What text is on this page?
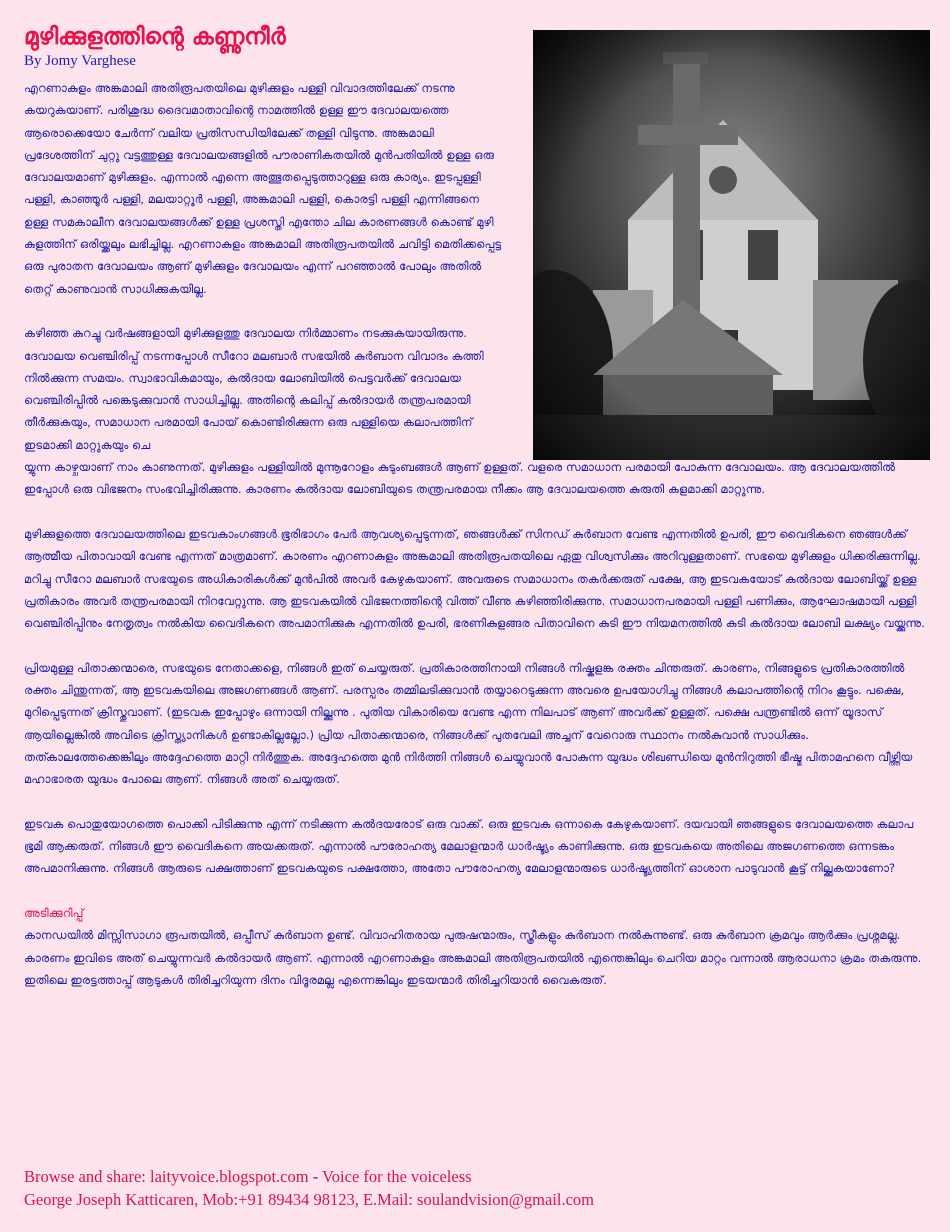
മുഴിക്കുളത്തിന്റെ കണ്ണുനീർ
By Jomy Varghese

എറണാകുളം അങ്കമാലി അതിരൂപതയിലെ മുഴിക്കുളം പള്ളി വിവാദത്തിലേക്ക് നടന്നു കയറുകയാണ്. പരിശുദ്ധ ദൈവമാതാവിന്റെ നാമത്തിൽ ഉള്ള ഈ ദേവാലയത്തെ ആരൊക്കെയോ ചേർന്ന് വലിയ പ്രതിസന്ധിയിലേക്ക് തള്ളി വിടുന്നു. അങ്കമാലി പ്രദേശത്തിന് ചുറ്റു വട്ടത്തുള്ള ദേവാലയങ്ങളിൽ പൗരാണികതയിൽ മുൻപതിയിൽ ഉള്ള ഒരു ദേവാലയമാണ് മുഴിക്കുളം. എന്നാൽ എന്നെ അത്ഭുതപ്പെടുത്താറുള്ള ഒരു കാര്യം. ഇടപ്പള്ളി പള്ളി, കാഞ്ഞൂർ പള്ളി, മലയാറ്റൂർ പള്ളി, അങ്കമാലി പള്ളി, കൊരട്ടി പള്ളി എന്നിങ്ങനെ ഉള്ള സമകാലീന ദേവാലയങ്ങൾക്ക് ഉള്ള പ്രശസ്തി എന്തോ ചില കാരണങ്ങൾ കൊണ്ട് മുഴി കുളത്തിന് ഒരിയ്ക്കലും ലഭിച്ചില്ല. എറണാകുളം അങ്കമാലി അതിരൂപതയിൽ ചവിട്ടി മെതിക്കപ്പെട്ട ഒരു പുരാതന ദേവാലയം ആണ് മുഴിക്കുളം ദേവാലയം എന്ന് പറഞ്ഞാൽ പോലും അതിൽ തെറ്റ് കാണുവാൻ സാധിക്കുകയില്ല.

കഴിഞ്ഞ കുറച്ചു വർഷങ്ങളായി മുഴിക്കുളത്തു ദേവാലയ നിർമ്മാണം നടക്കുകയായിരുന്നു. ദേവാലയ വെഞ്ചിരിപ്പ് നടന്നപ്പോൾ സീറോ മലബാർ സഭയിൽ കുർബാന വിവാദം കത്തി നിൽക്കുന്ന സമയം. സ്വാഭാവികമായും, കൽദായ ലോബിയിൽ പെട്ടവർക്ക് ദേവാലയ വെഞ്ചിരിപ്പിൽ പങ്കെടുക്കുവാൻ സാധിച്ചില്ല. അതിന്റെ കലിപ്പ് കൽദായർ തന്ത്രപരമായി തീർക്കുകയും, സമാധാന പരമായി പോയ് കൊണ്ടിരിക്കുന്ന ഒരു പള്ളിയെ കലാപത്തിന് ഇടമാക്കി മാറ്റുകയും ചെ

യ്യുന്ന കാഴ്ചയാണ് നാം കാണുന്നത്. മുഴിക്കുളം പള്ളിയിൽ മുന്നൂറോളം കുടുംബങ്ങൾ ആണ് ഉള്ളത്. വളരെ സമാധാന പരമായി പോകുന്ന ദേവാലയം. ആ ദേവാലയത്തിൽ ഇപ്പോൾ ഒരു വിഭജനം സംഭവിച്ചിരിക്കുന്നു. കാരണം കൽദായ ലോബിയുടെ തന്ത്രപരമായ നീക്കം ആ ദേവാലയത്തെ കുരുതി കളമാക്കി മാറ്റുന്നു.

മുഴിക്കുളത്തെ ദേവാലയത്തിലെ ഇടവകാംഗങ്ങൾ ഭൂരിഭാഗം പേർ ആവശ്യപ്പെടുന്നത്, ഞങ്ങൾക്ക് സിനഡ് കുർബാന വേണ്ട എന്നതിൽ ഉപരി, ഈ വൈദികനെ ഞങ്ങൾക്ക് ആത്മീയ പിതാവായി വേണ്ട എന്നത് മാത്രമാണ്. കാരണം എറണാകുളം അങ്കമാലി അതിരൂപതയിലെ ഏതു വിശ്വസിക്കും അറിവുള്ളതാണ്. സഭയെ മുഴിക്കുളം ധിക്കരിക്കുന്നില്ല. മറിച്ചു സീറോ മലബാർ സഭയുടെ അധികാരികൾക്ക് മുൻപിൽ അവർ കേഴുകയാണ്. അവരുടെ സമാധാനം തകർക്കരുത് പക്ഷേ, ആ ഇടവകയോട് കൽദായ ലോബിയ്ക്ക് ഉള്ള പ്രതികാരം അവർ തന്ത്രപരമായി നിറവേറ്റുന്നു. ആ ഇടവകയിൽ വിഭജനത്തിന്റെ വിത്ത് വീണു കഴിഞ്ഞിരിക്കുന്നു. സമാധാനപരമായി പള്ളി പണിക്കും, ആഘോഷമായി പള്ളി വെഞ്ചിരിപ്പിനും നേതൃത്വം നൽകിയ വൈദികനെ അപമാനിക്കുക എന്നതിൽ ഉപരി, ഭരണികുളങ്ങര പിതാവിനെ കുടി ഈ നിയമനത്തിൽ കുടി കൽദായ ലോബി ലക്ഷ്യം വയ്ക്കുന്നു.

പ്രിയമുള്ള പിതാക്കന്മാരെ, സഭയുടെ നേതാക്കളെ, നിങ്ങൾ ഇത് ചെയ്യരുത്. പ്രതികാരത്തിനായി നിങ്ങൾ നിഷ്കളങ്ക രക്തം ചിന്തരുത്. കാരണം, നിങ്ങളുടെ പ്രതികാരത്തിൽ രക്തം ചിന്തുന്നത്, ആ ഇടവകയിലെ അജഗണങ്ങൾ ആണ്. പരസ്പരം തമ്മിലടിക്കുവാൻ തയ്യാറെടുക്കുന്ന അവരെ ഉപയോഗിച്ചു നിങ്ങൾ കലാപത്തിന്റെ നിറം കൂട്ടും. പക്ഷെ, മുറിപ്പെടുന്നത് ക്രിസ്തുവാണ്. (ഇടവക ഇപ്പോഴും ഒന്നായി നില്ക്കുന്നു . പുതിയ വികാരിയെ വേണ്ട എന്ന നിലപാട് ആണ് അവർക്ക് ഉള്ളത്. പക്ഷെ പന്ത്രണ്ടിൽ ഒന്ന് യൂദാസ് ആയില്ലെങ്കിൽ അവിടെ ക്രിസ്ത്യാനികൾ ഉണ്ടാകില്ലല്ലോ.) പ്രിയ പിതാക്കന്മാരെ, നിങ്ങൾക്ക് പുതവേലി അച്ചന് വേറൊരു സ്ഥാനം നൽകുവാൻ സാധിക്കും. തത്കാലത്തേക്കെങ്കിലും അദ്ദേഹത്തെ മാറ്റി നിർത്തുക. അദ്ദേഹത്തെ മുൻ നിർത്തി നിങ്ങൾ ചെയ്യുവാൻ പോകുന്ന യുദ്ധം ശിഖണ്ഡിയെ മുൻനിറുത്തി ഭീഷ്മ പിതാമഹനെ വീഴ്ത്തിയ മഹാഭാരത യുദ്ധം പോലെ ആണ്. നിങ്ങൾ അത് ചെയ്യരുത്.

ഇടവക പൊതുയോഗത്തെ പൊക്കി പിടിക്കുന്നു എന്ന് നടിക്കുന്ന കൽദയരോട് ഒരു വാക്ക്. ഒരു ഇടവക ഒന്നാകെ കേഴുകയാണ്. ദയവായി ഞങ്ങളുടെ ദേവാലയത്തെ കലാപ ഭൂമി ആക്കരുത്. നിങ്ങൾ ഈ വൈദികനെ അയക്കരുത്. എന്നാൽ പൗരോഹത്യ മേലാളന്മാർ ധാർഷ്ട്യം കാണിക്കുന്നു. ഒരു ഇടവകയെ അതിലെ അജഗണത്തെ ഒന്നടങ്കം അപമാനിക്കുന്നു. നിങ്ങൾ ആരുടെ പക്ഷത്താണ് ഇടവകയുടെ പക്ഷത്തോ, അതോ പൗരോഹത്യ മേലാളന്മാരുടെ ധാർഷ്ട്യത്തിന് ഓശാന പാടുവാൻ കൂട്ട് നില്ക്കുകയാണോ?

അടിക്കുറിപ്പ്

കാനഡയിൽ മിസ്സിസാഗാ രൂപതയിൽ, ഒപ്പീസ് കുർബാന ഉണ്ട്. വിവാഹിതരായ പുരുഷന്മാരും, സ്ത്രീകളും കുർബാന നൽകുന്നുണ്ട്. ഒരു കുർബാന ക്രമവും ആർക്കും പ്രശ്നമല്ല. കാരണം ഇവിടെ അത് ചെയ്യുന്നവർ കൽദായർ ആണ്. എന്നാൽ എറണാകുളം അങ്കമാലി അതിരൂപതയിൽ എന്തെങ്കിലും ചെറിയ മാറ്റം വന്നാൽ ആരാധനാ ക്രമം തകരുന്നു. ഇതിലെ ഇരട്ടത്താപ്പ് ആടുകൾ തിരിച്ചറിയുന്ന ദിനം വിദൂരമല്ല എന്നെങ്കിലും ഇടയന്മാർ തിരിച്ചറിയാൻ വൈകരുത്.

Browse and share: laityvoice.blogspot.com - Voice for the voiceless
George Joseph Katticaren, Mob:+91 89434 98123, E.Mail: soulandvision@gmail.com
